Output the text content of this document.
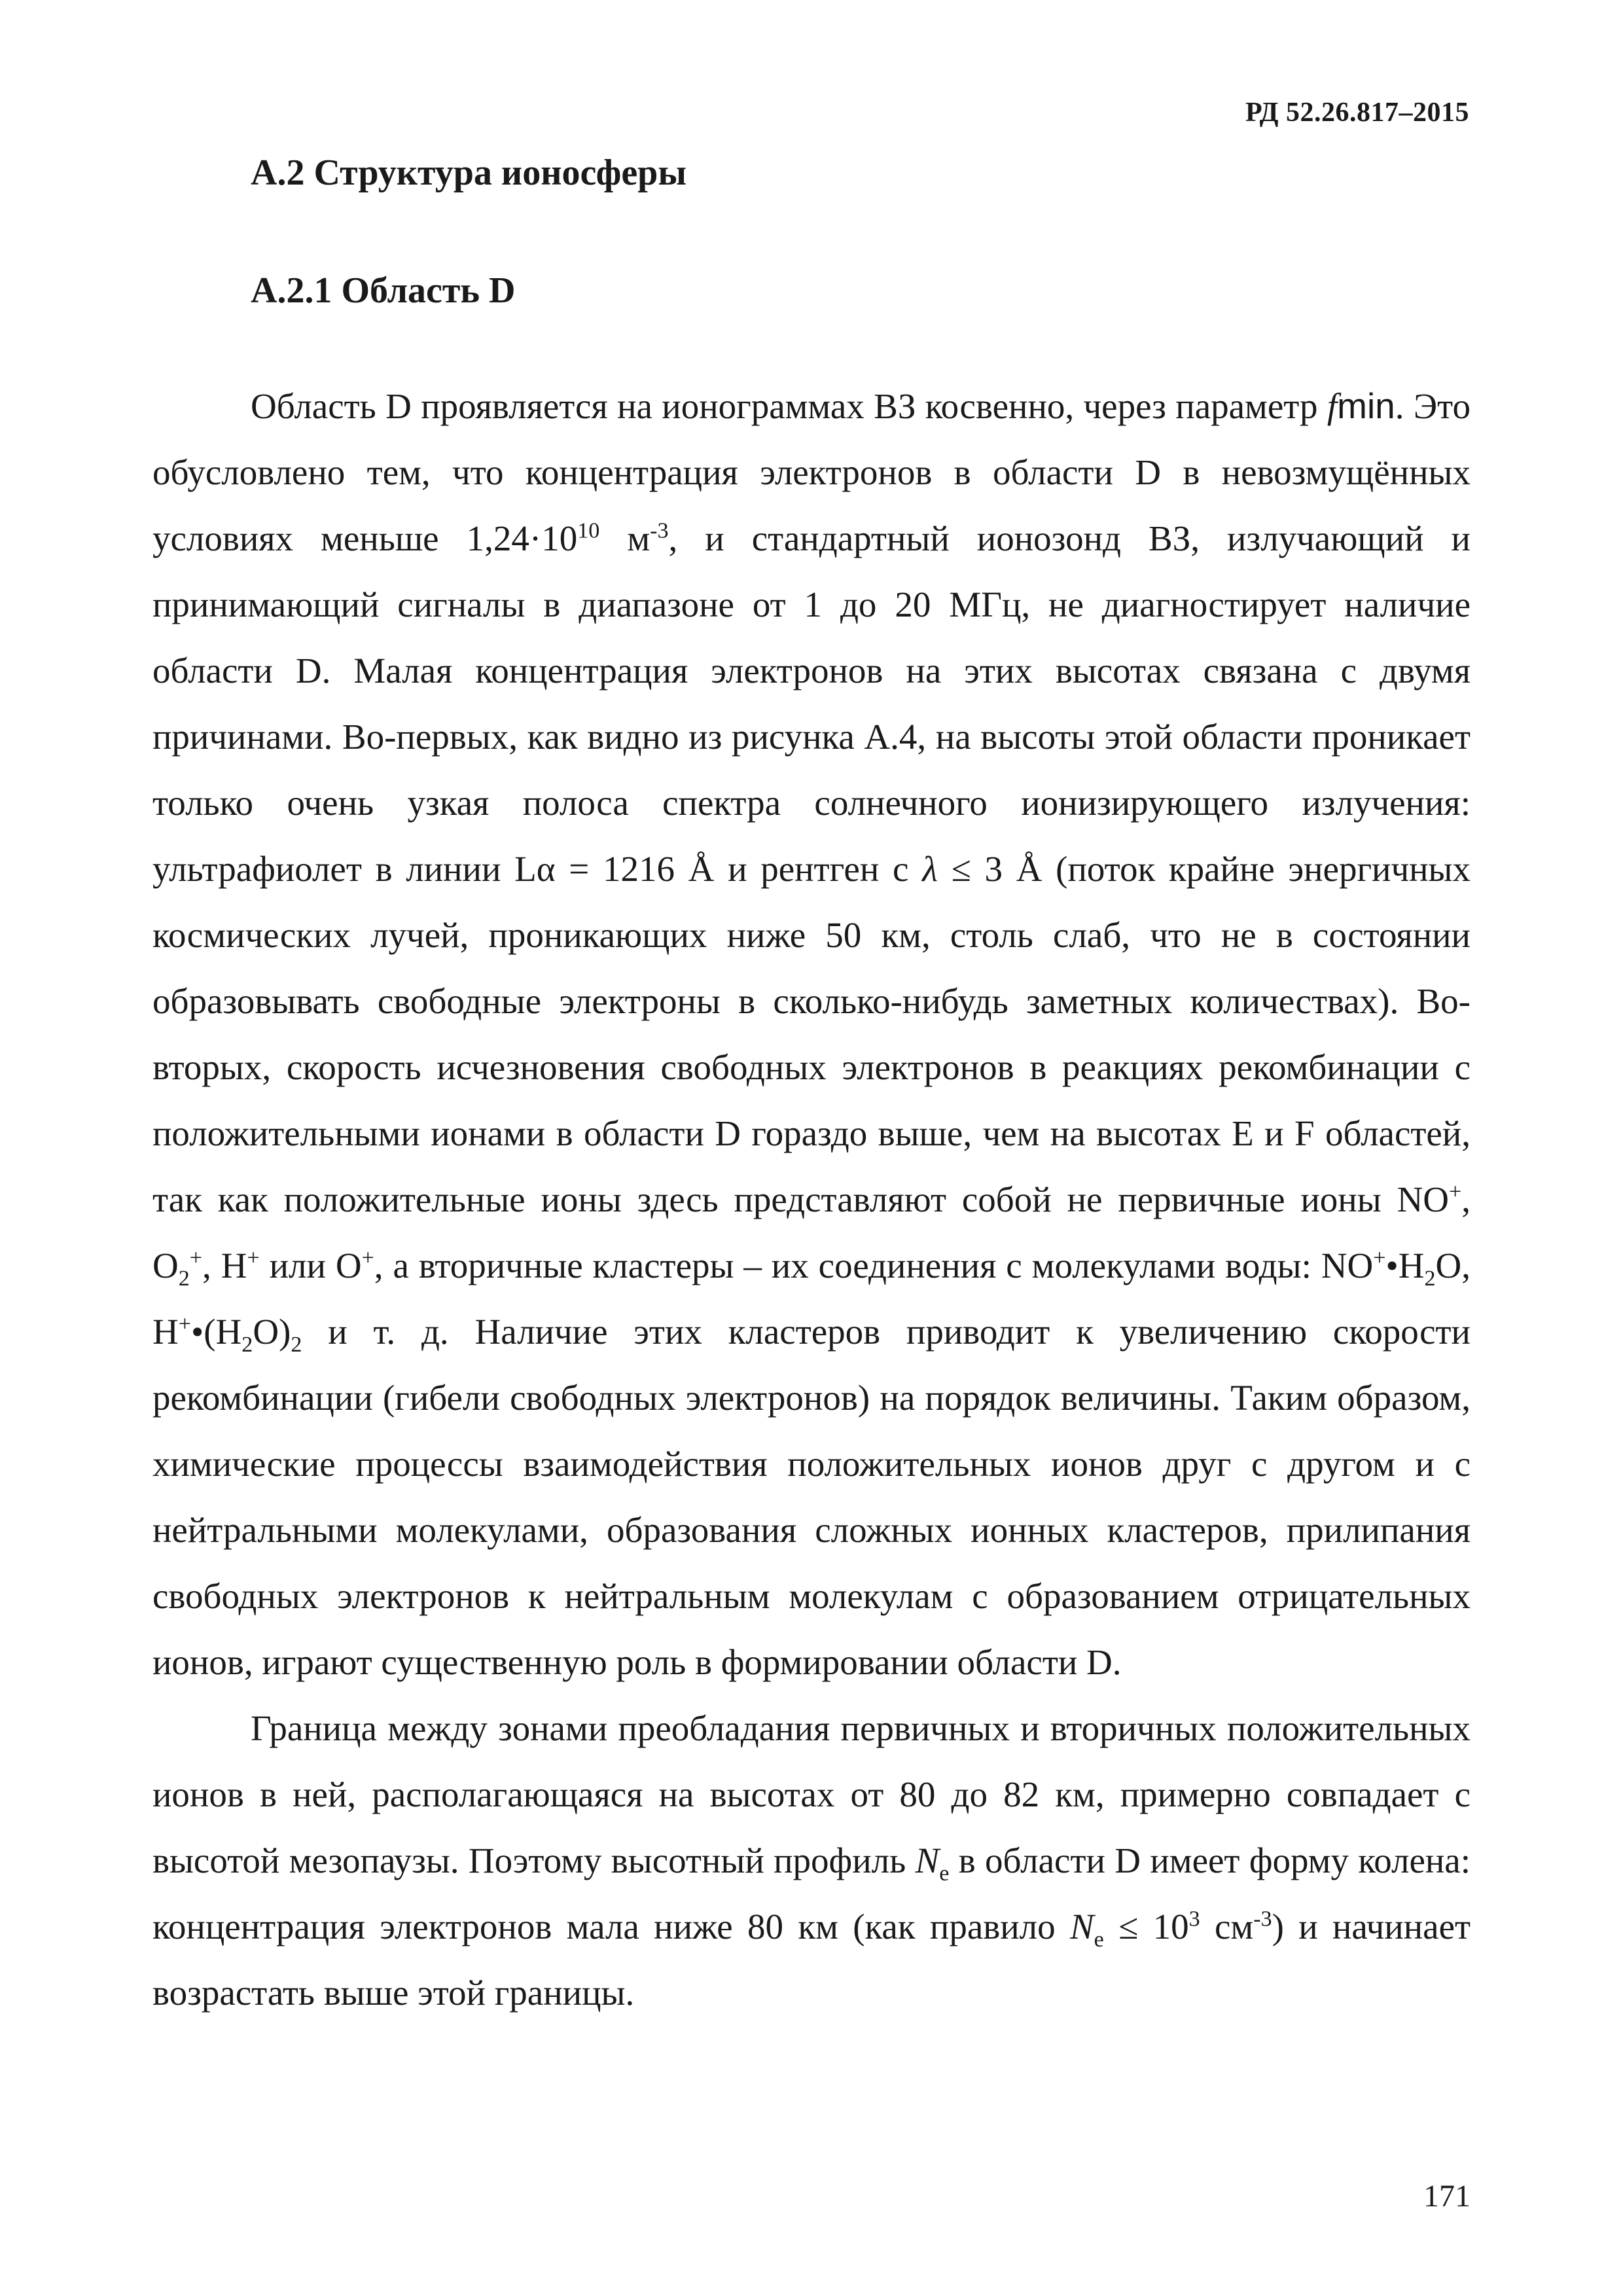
РД 52.26.817–2015
А.2 Структура ионосферы
А.2.1 Область D

Область D проявляется на ионограммах ВЗ косвенно, через параметр fmin. Это обусловлено тем, что концентрация электронов в области D в невозмущённых условиях меньше $1,24\cdot 10^{10}$ $м^{-3}$, и стандартный ионозонд ВЗ, излучающий и принимающий сигналы в диапазоне от 1 до 20 МГц, не диагностирует наличие области D. Малая концентрация электронов на этих высотах связана с двумя причинами. Во-первых, как видно из рисунка А.4, на высоты этой области проникает только очень узкая полоса спектра солнечного ионизирующего излучения: ультрафиолет в линии Lα = 1216 Å и рентген с λ ≤ 3 Å (поток крайне энергичных космических лучей, проникающих ниже 50 км, столь слаб, что не в состоянии образовывать свободные электроны в сколько-нибудь заметных количествах). Во-вторых, скорость исчезновения свободных электронов в реакциях рекомбинации с положительными ионами в области D гораздо выше, чем на высотах E и F областей, так как положительные ионы здесь представляют собой не первичные ионы NO+, $O_2^+$, H+ или O+, а вторичные кластеры – их соединения с молекулами воды: $NO^+•H_2O$, $H^+•(H_2O)_2$ и т. д. Наличие этих кластеров приводит к увеличению скорости рекомбинации (гибели свободных электронов) на порядок величины. Таким образом, химические процессы взаимодействия положительных ионов друг с другом и с нейтральными молекулами, образования сложных ионных кластеров, прилипания свободных электронов к нейтральным молекулам с образованием отрицательных ионов, играют существенную роль в формировании области D.

Граница между зонами преобладания первичных и вторичных положительных ионов в ней, располагающаяся на высотах от 80 до 82 км, примерно совпадает с высотой мезопаузы. Поэтому высотный профиль $N_e$ в области D имеет форму колена: концентрация электронов мала ниже 80 км (как правило $N_e \le 10^3$ $см^{-3}$) и начинает возрастать выше этой границы.

171
